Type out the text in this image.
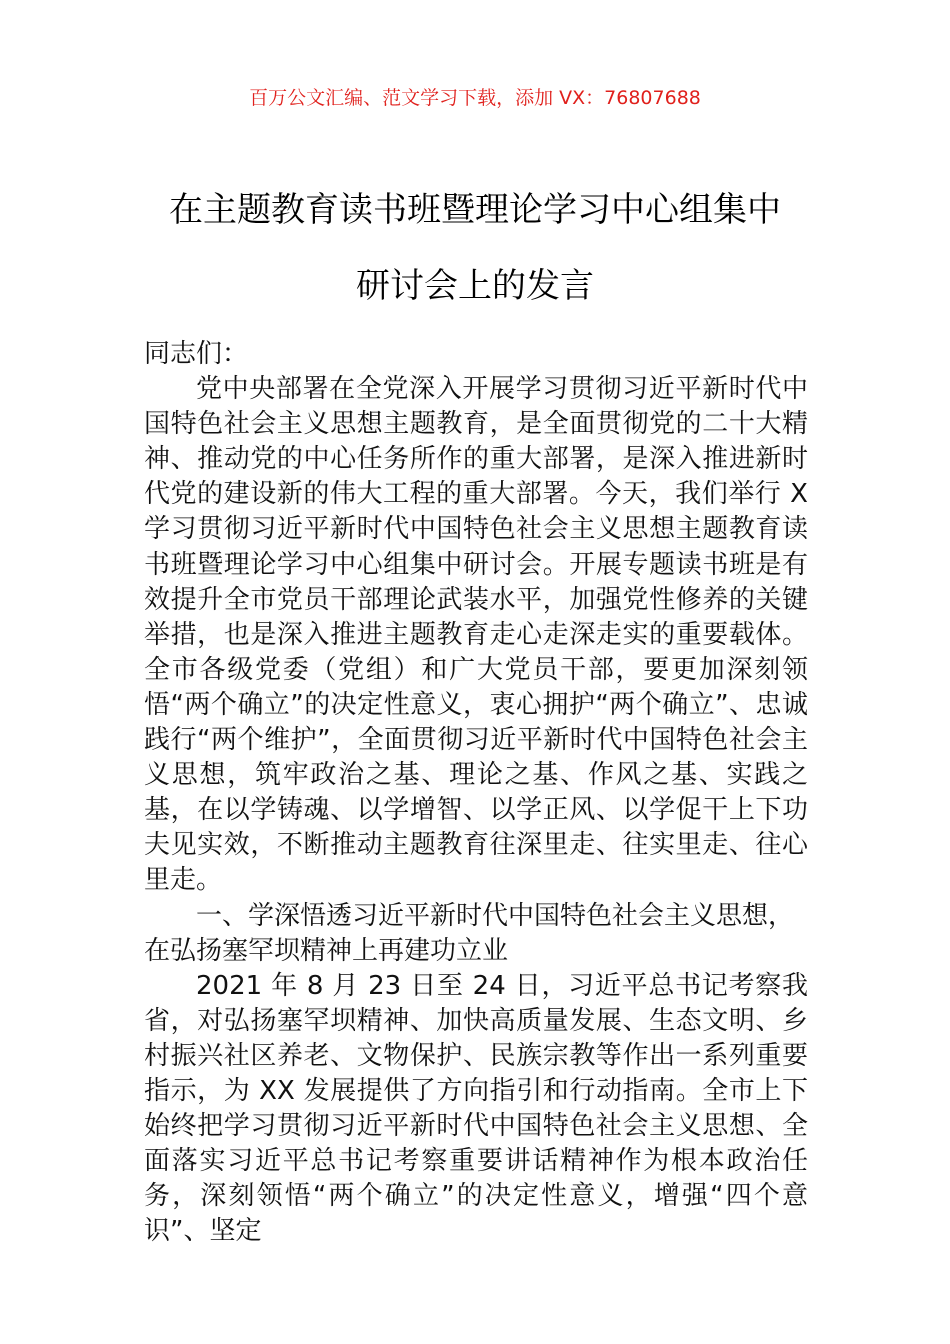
百万公文汇编、范文学习下载，添加 VX：76807688
在主题教育读书班暨理论学习中心组集中
研讨会上的发言

同志们：

党中央部署在全党深入开展学习贯彻习近平新时代中国特色社会主义思想主题教育，是全面贯彻党的二十大精神、推动党的中心任务所作的重大部署，是深入推进新时代党的建设新的伟大工程的重大部署。今天，我们举行 X 学习贯彻习近平新时代中国特色社会主义思想主题教育读书班暨理论学习中心组集中研讨会。开展专题读书班是有效提升全市党员干部理论武装水平，加强党性修养的关键举措，也是深入推进主题教育走心走深走实的重要载体。全市各级党委（党组）和广大党员干部，要更加深刻领悟“两个确立”的决定性意义，衷心拥护“两个确立”、忠诚践行“两个维护”，全面贯彻习近平新时代中国特色社会主义思想，筑牢政治之基、理论之基、作风之基、实践之基，在以学铸魂、以学增智、以学正风、以学促干上下功夫见实效，不断推动主题教育往深里走、往实里走、往心里走。

一、学深悟透习近平新时代中国特色社会主义思想，在弘扬塞罕坝精神上再建功立业

2021 年 8 月 23 日至 24 日，习近平总书记考察我省，对弘扬塞罕坝精神、加快高质量发展、生态文明、乡村振兴社区养老、文物保护、民族宗教等作出一系列重要指示，为 XX 发展提供了方向指引和行动指南。全市上下始终把学习贯彻习近平新时代中国特色社会主义思想、全面落实习近平总书记考察重要讲话精神作为根本政治任务，深刻领悟“两个确立”的决定性意义，增强“四个意识”、坚定
